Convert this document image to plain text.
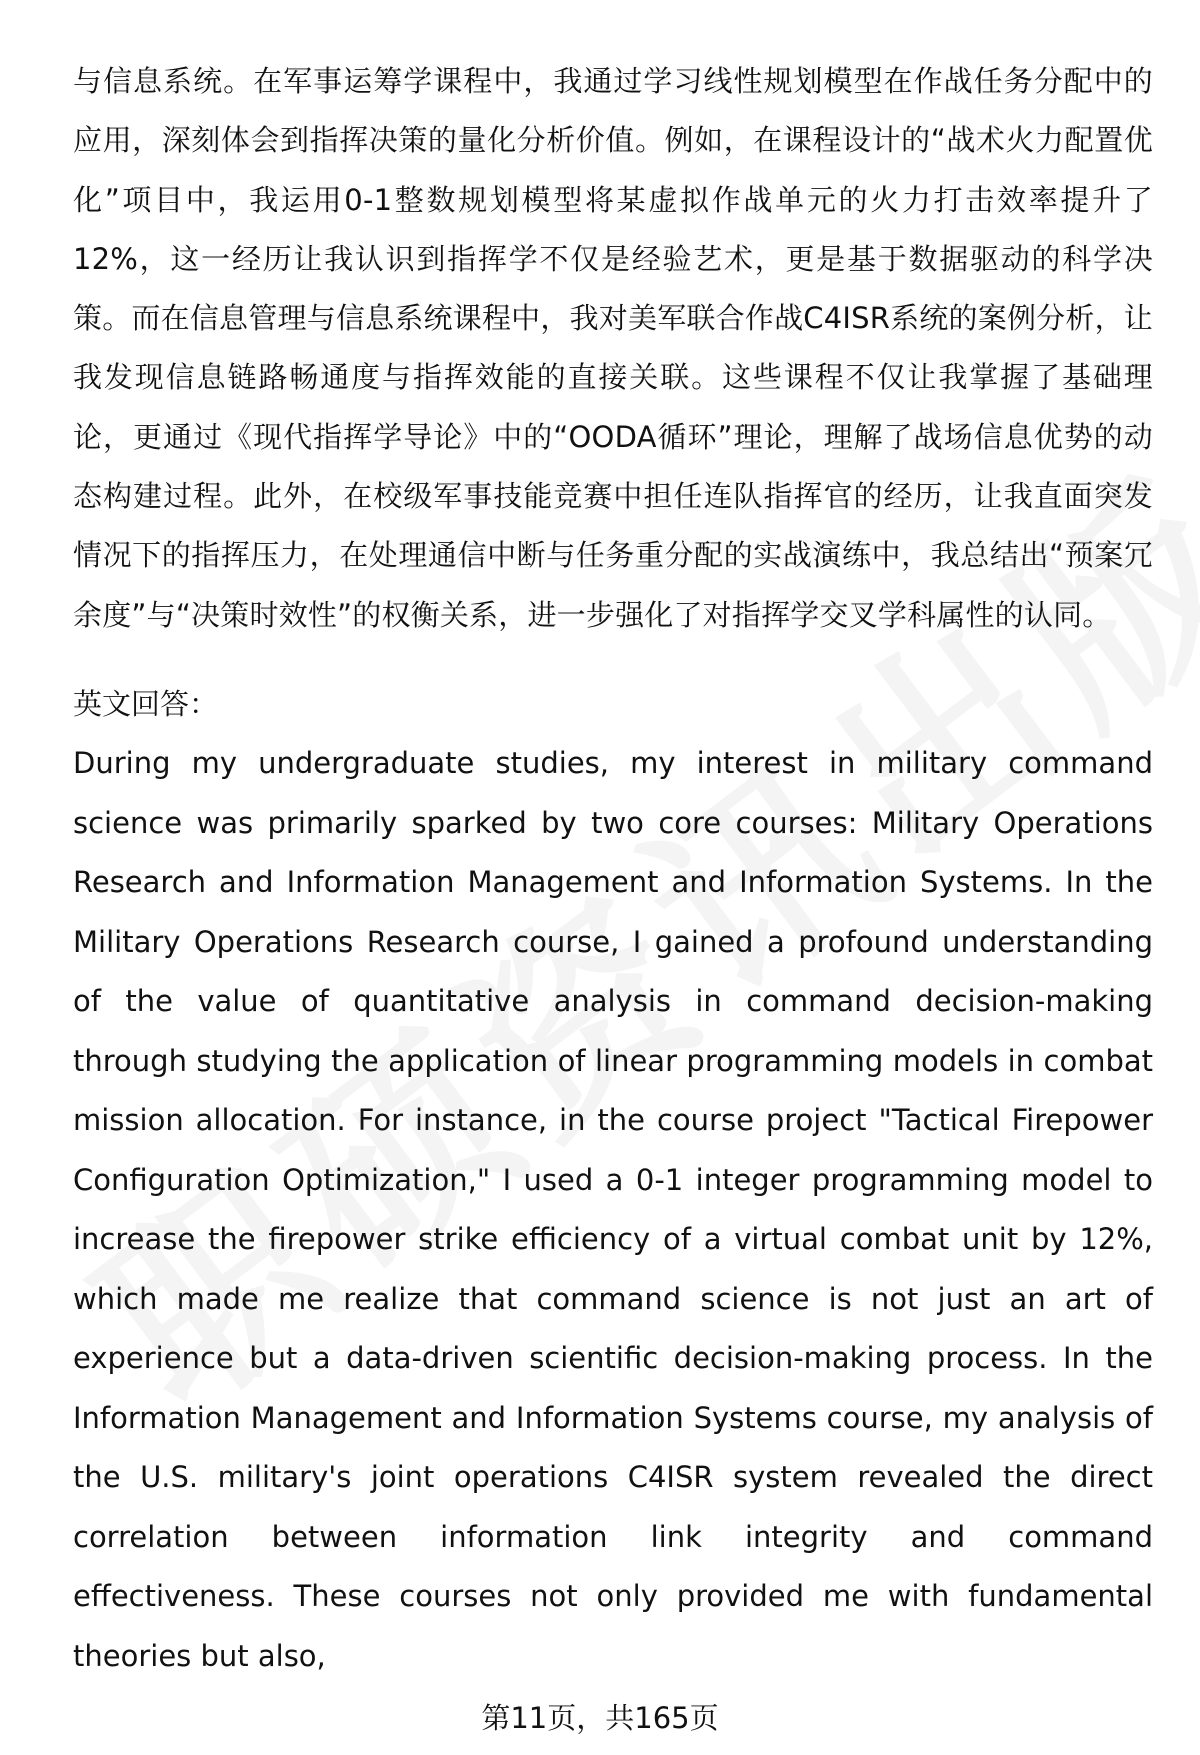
与信息系统。在军事运筹学课程中，我通过学习线性规划模型在作战任务分配中的应用，深刻体会到指挥决策的量化分析价值。例如，在课程设计的“战术火力配置优化”项目中，我运用0-1整数规划模型将某虚拟作战单元的火力打击效率提升了12%，这一经历让我认识到指挥学不仅是经验艺术，更是基于数据驱动的科学决策。而在信息管理与信息系统课程中，我对美军联合作战C4ISR系统的案例分析，让我发现信息链路畅通度与指挥效能的直接关联。这些课程不仅让我掌握了基础理论，更通过《现代指挥学导论》中的“OODA循环”理论，理解了战场信息优势的动态构建过程。此外，在校级军事技能竞赛中担任连队指挥官的经历，让我直面突发情况下的指挥压力，在处理通信中断与任务重分配的实战演练中，我总结出“预案冗余度”与“决策时效性”的权衡关系，进一步强化了对指挥学交叉学科属性的认同。

英文回答：

During my undergraduate studies, my interest in military command science was primarily sparked by two core courses: Military Operations Research and Information Management and Information Systems. In the Military Operations Research course, I gained a profound understanding of the value of quantitative analysis in command decision-making through studying the application of linear programming models in combat mission allocation. For instance, in the course project "Tactical Firepower Configuration Optimization," I used a 0-1 integer programming model to increase the firepower strike efficiency of a virtual combat unit by 12%, which made me realize that command science is not just an art of experience but a data-driven scientific decision-making process. In the Information Management and Information Systems course, my analysis of the U.S. military's joint operations C4ISR system revealed the direct correlation between information link integrity and command effectiveness. These courses not only provided me with fundamental theories but also,

第11页，共165页
